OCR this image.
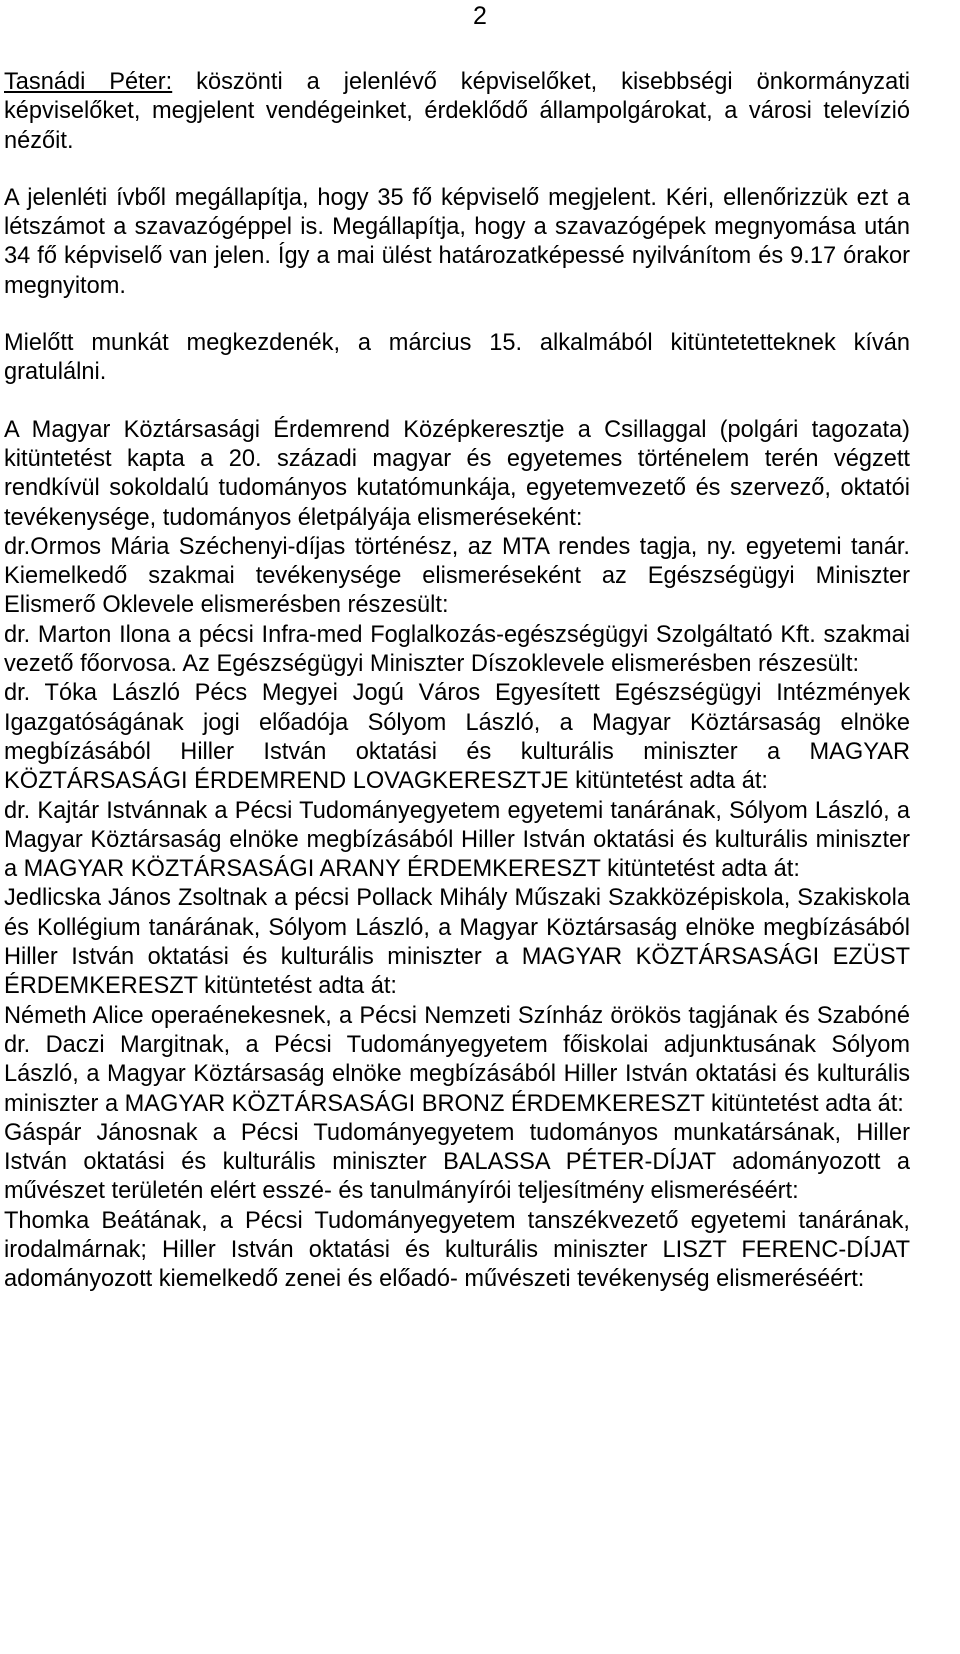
2

Tasnádi Péter: köszönti a jelenlévő képviselőket, kisebbségi önkormányzati képviselőket, megjelent vendégeinket, érdeklődő állampolgárokat, a városi televízió nézőit.

A jelenléti ívből megállapítja, hogy 35 fő képviselő megjelent. Kéri, ellenőrizzük ezt a létszámot a szavazógéppel is. Megállapítja, hogy a szavazógépek megnyomása után 34 fő képviselő van jelen. Így a mai ülést határozatképessé nyilvánítom és 9.17 órakor megnyitom.

Mielőtt munkát megkezdenék, a március 15. alkalmából kitüntetetteknek kíván gratulálni.

A Magyar Köztársasági Érdemrend Középkeresztje a Csillaggal (polgári tagozata) kitüntetést kapta a 20. századi magyar és egyetemes történelem terén végzett rendkívül sokoldalú tudományos kutatómunkája, egyetemvezető és szervező, oktatói tevékenysége, tudományos életpályája elismeréseként:

dr.Ormos Mária Széchenyi-díjas történész, az MTA rendes tagja, ny. egyetemi tanár. Kiemelkedő szakmai tevékenysége elismeréseként az Egészségügyi Miniszter Elismerő Oklevele elismerésben részesült:

dr. Marton Ilona a pécsi Infra-med Foglalkozás-egészségügyi Szolgáltató Kft. szakmai vezető főorvosa. Az Egészségügyi Miniszter Díszoklevele elismerésben részesült:

dr. Tóka László Pécs Megyei Jogú Város Egyesített Egészségügyi Intézmények Igazgatóságának jogi előadója Sólyom László, a Magyar Köztársaság elnöke megbízásából Hiller István oktatási és kulturális miniszter a MAGYAR KÖZTÁRSASÁGI ÉRDEMREND LOVAGKERESZTJE kitüntetést adta át:

dr. Kajtár Istvánnak a Pécsi Tudományegyetem egyetemi tanárának, Sólyom László, a Magyar Köztársaság elnöke megbízásából Hiller István oktatási és kulturális miniszter a MAGYAR KÖZTÁRSASÁGI ARANY ÉRDEMKERESZT kitüntetést adta át:

Jedlicska János Zsoltnak a pécsi Pollack Mihály Műszaki Szakközépiskola, Szakiskola és Kollégium tanárának, Sólyom László, a Magyar Köztársaság elnöke megbízásából Hiller István oktatási és kulturális miniszter a MAGYAR KÖZTÁRSASÁGI EZÜST ÉRDEMKERESZT kitüntetést adta át:

Németh Alice operaénekesnek, a Pécsi Nemzeti Színház örökös tagjának és Szabóné dr. Daczi Margitnak, a Pécsi Tudományegyetem főiskolai adjunktusának Sólyom László, a Magyar Köztársaság elnöke megbízásából Hiller István oktatási és kulturális miniszter a MAGYAR KÖZTÁRSASÁGI BRONZ ÉRDEMKERESZT kitüntetést adta át:

Gáspár Jánosnak a Pécsi Tudományegyetem tudományos munkatársának, Hiller István oktatási és kulturális miniszter BALASSA PÉTER-DÍJAT adományozott a művészet területén elért esszé- és tanulmányírói teljesítmény elismeréséért:

Thomka Beátának, a Pécsi Tudományegyetem tanszékvezető egyetemi tanárának, irodalmárnak; Hiller István oktatási és kulturális miniszter LISZT FERENC-DÍJAT adományozott kiemelkedő zenei és előadó- művészeti tevékenység elismeréséért:
